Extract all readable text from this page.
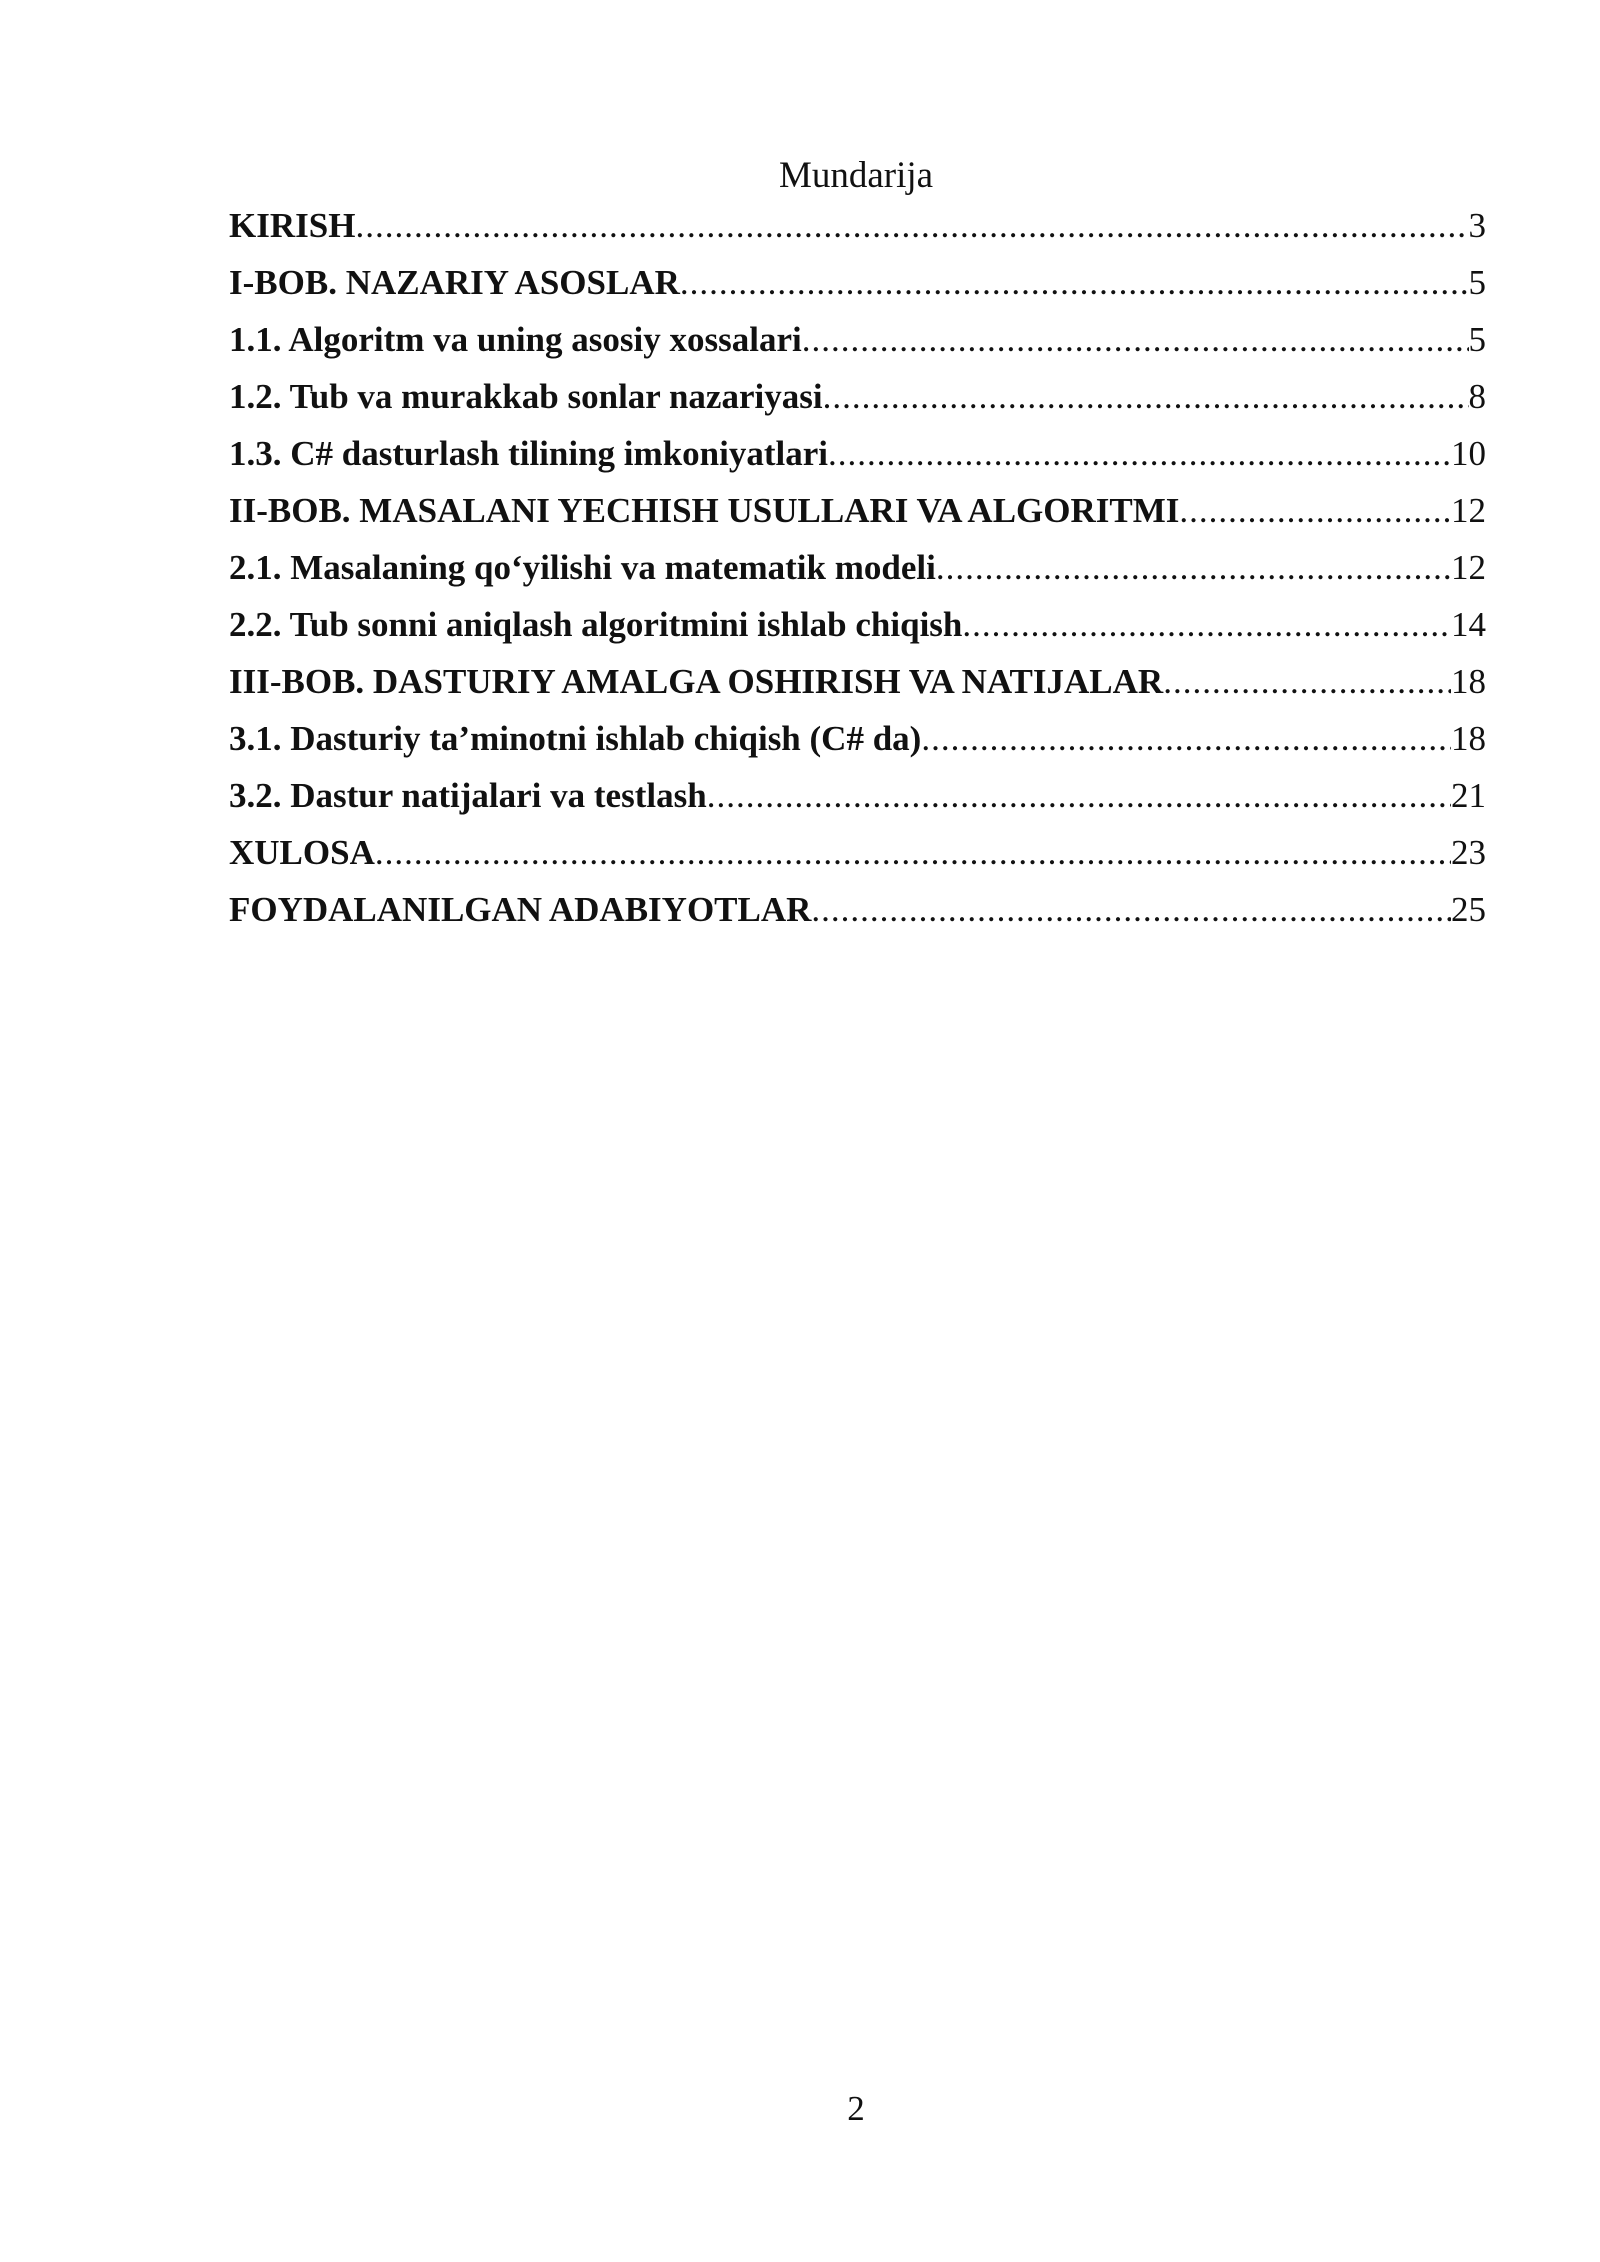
Mundarija
KIRISH .....	3
I-BOB. NAZARIY ASOSLAR .....	5
1.1. Algoritm va uning asosiy xossalari .....	5
1.2. Tub va murakkab sonlar nazariyasi .....	8
1.3. C# dasturlash tilining imkoniyatlari .....	10
II-BOB. MASALANI YECHISH USULLARI VA ALGORITMI .....	12
2.1. Masalaning qo‘yilishi va matematik modeli .....	12
2.2. Tub sonni aniqlash algoritmini ishlab chiqish .....	14
III-BOB. DASTURIY AMALGA OSHIRISH VA NATIJALAR .....	18
3.1. Dasturiy ta’minotni ishlab chiqish (C# da) .....	18
3.2. Dastur natijalari va testlash .....	21
XULOSA .....	23
FOYDALANILGAN ADABIYOTLAR .....	25
2
